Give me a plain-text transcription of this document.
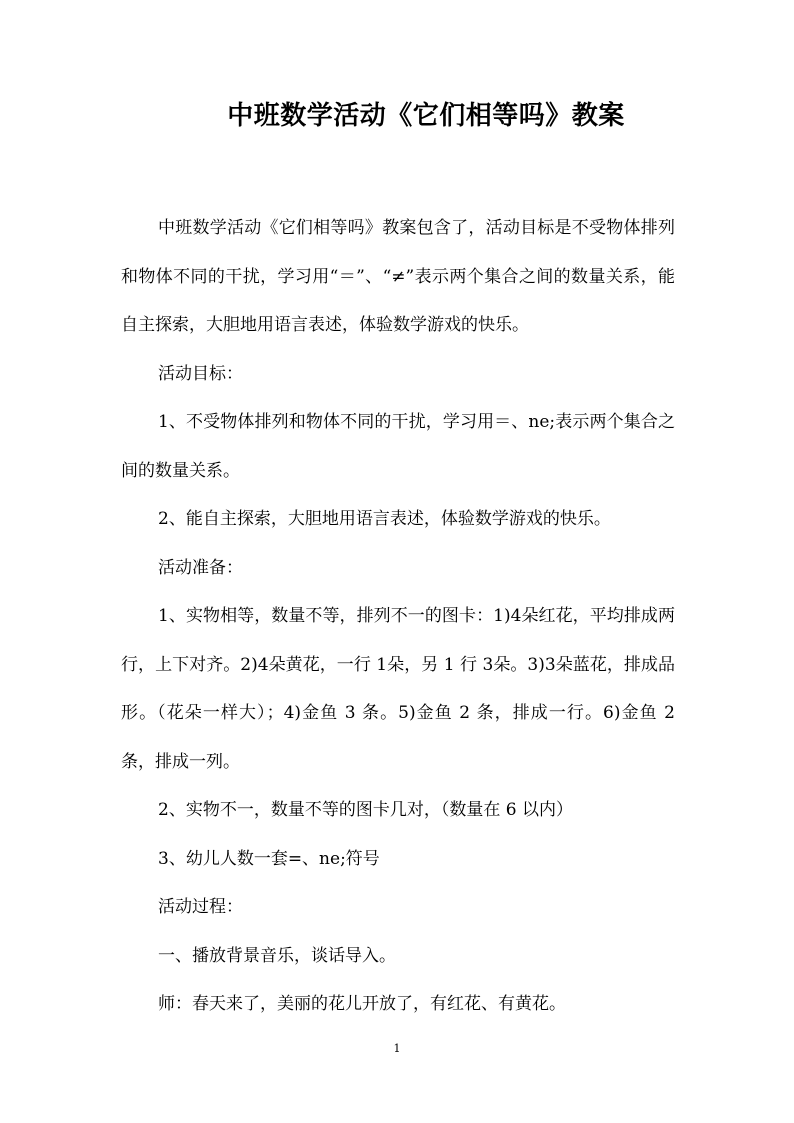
中班数学活动《它们相等吗》教案

中班数学活动《它们相等吗》教案包含了，活动目标是不受物体排列和物体不同的干扰，学习用“＝”、“≠”表示两个集合之间的数量关系，能自主探索，大胆地用语言表述，体验数学游戏的快乐。

活动目标：

1、不受物体排列和物体不同的干扰，学习用＝、ne;表示两个集合之间的数量关系。

2、能自主探索，大胆地用语言表述，体验数学游戏的快乐。

活动准备：

1、实物相等，数量不等，排列不一的图卡：1)4朵红花，平均排成两行，上下对齐。2)4朵黄花，一行 1朵，另 1 行 3朵。3)3朵蓝花，排成品形。（花朵一样大）；4)金鱼 3 条。5)金鱼 2 条，排成一行。6)金鱼 2 条，排成一列。

2、实物不一，数量不等的图卡几对，（数量在 6 以内）

3、幼儿人数一套=、ne;符号

活动过程：

一、播放背景音乐，谈话导入。

师：春天来了，美丽的花儿开放了，有红花、有黄花。

1
